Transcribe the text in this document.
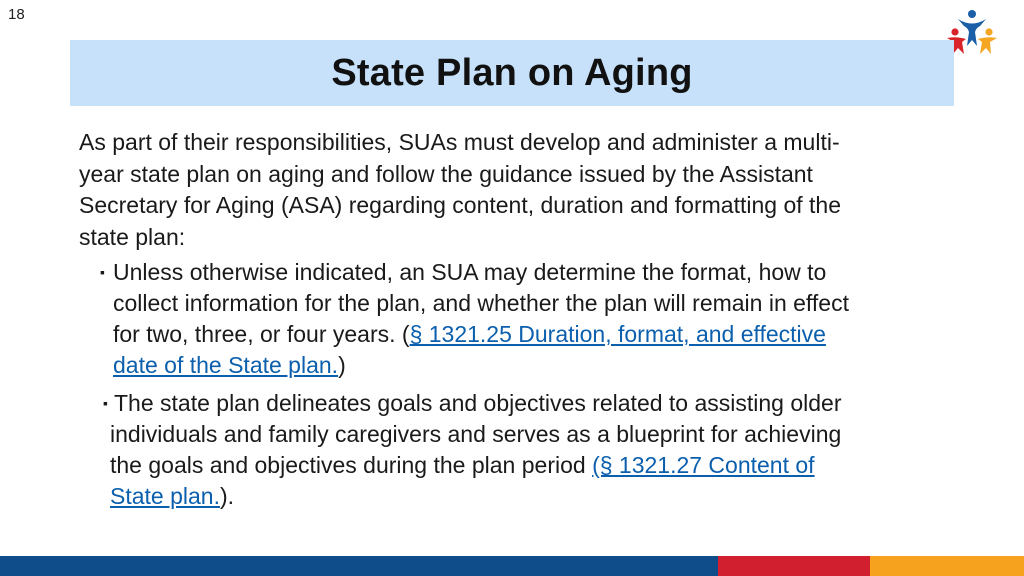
18
State Plan on Aging

As part of their responsibilities, SUAs must develop and administer a multi-
year state plan on aging and follow the guidance issued by the Assistant
Secretary for Aging (ASA) regarding content, duration and formatting of the
state plan:

▪ Unless otherwise indicated, an SUA may determine the format, how to
collect information for the plan, and whether the plan will remain in effect
for two, three, or four years. (§ 1321.25 Duration, format, and effective
date of the State plan.)
▪ The state plan delineates goals and objectives related to assisting older
individuals and family caregivers and serves as a blueprint for achieving
the goals and objectives during the plan period (§ 1321.27 Content of
State plan.).
